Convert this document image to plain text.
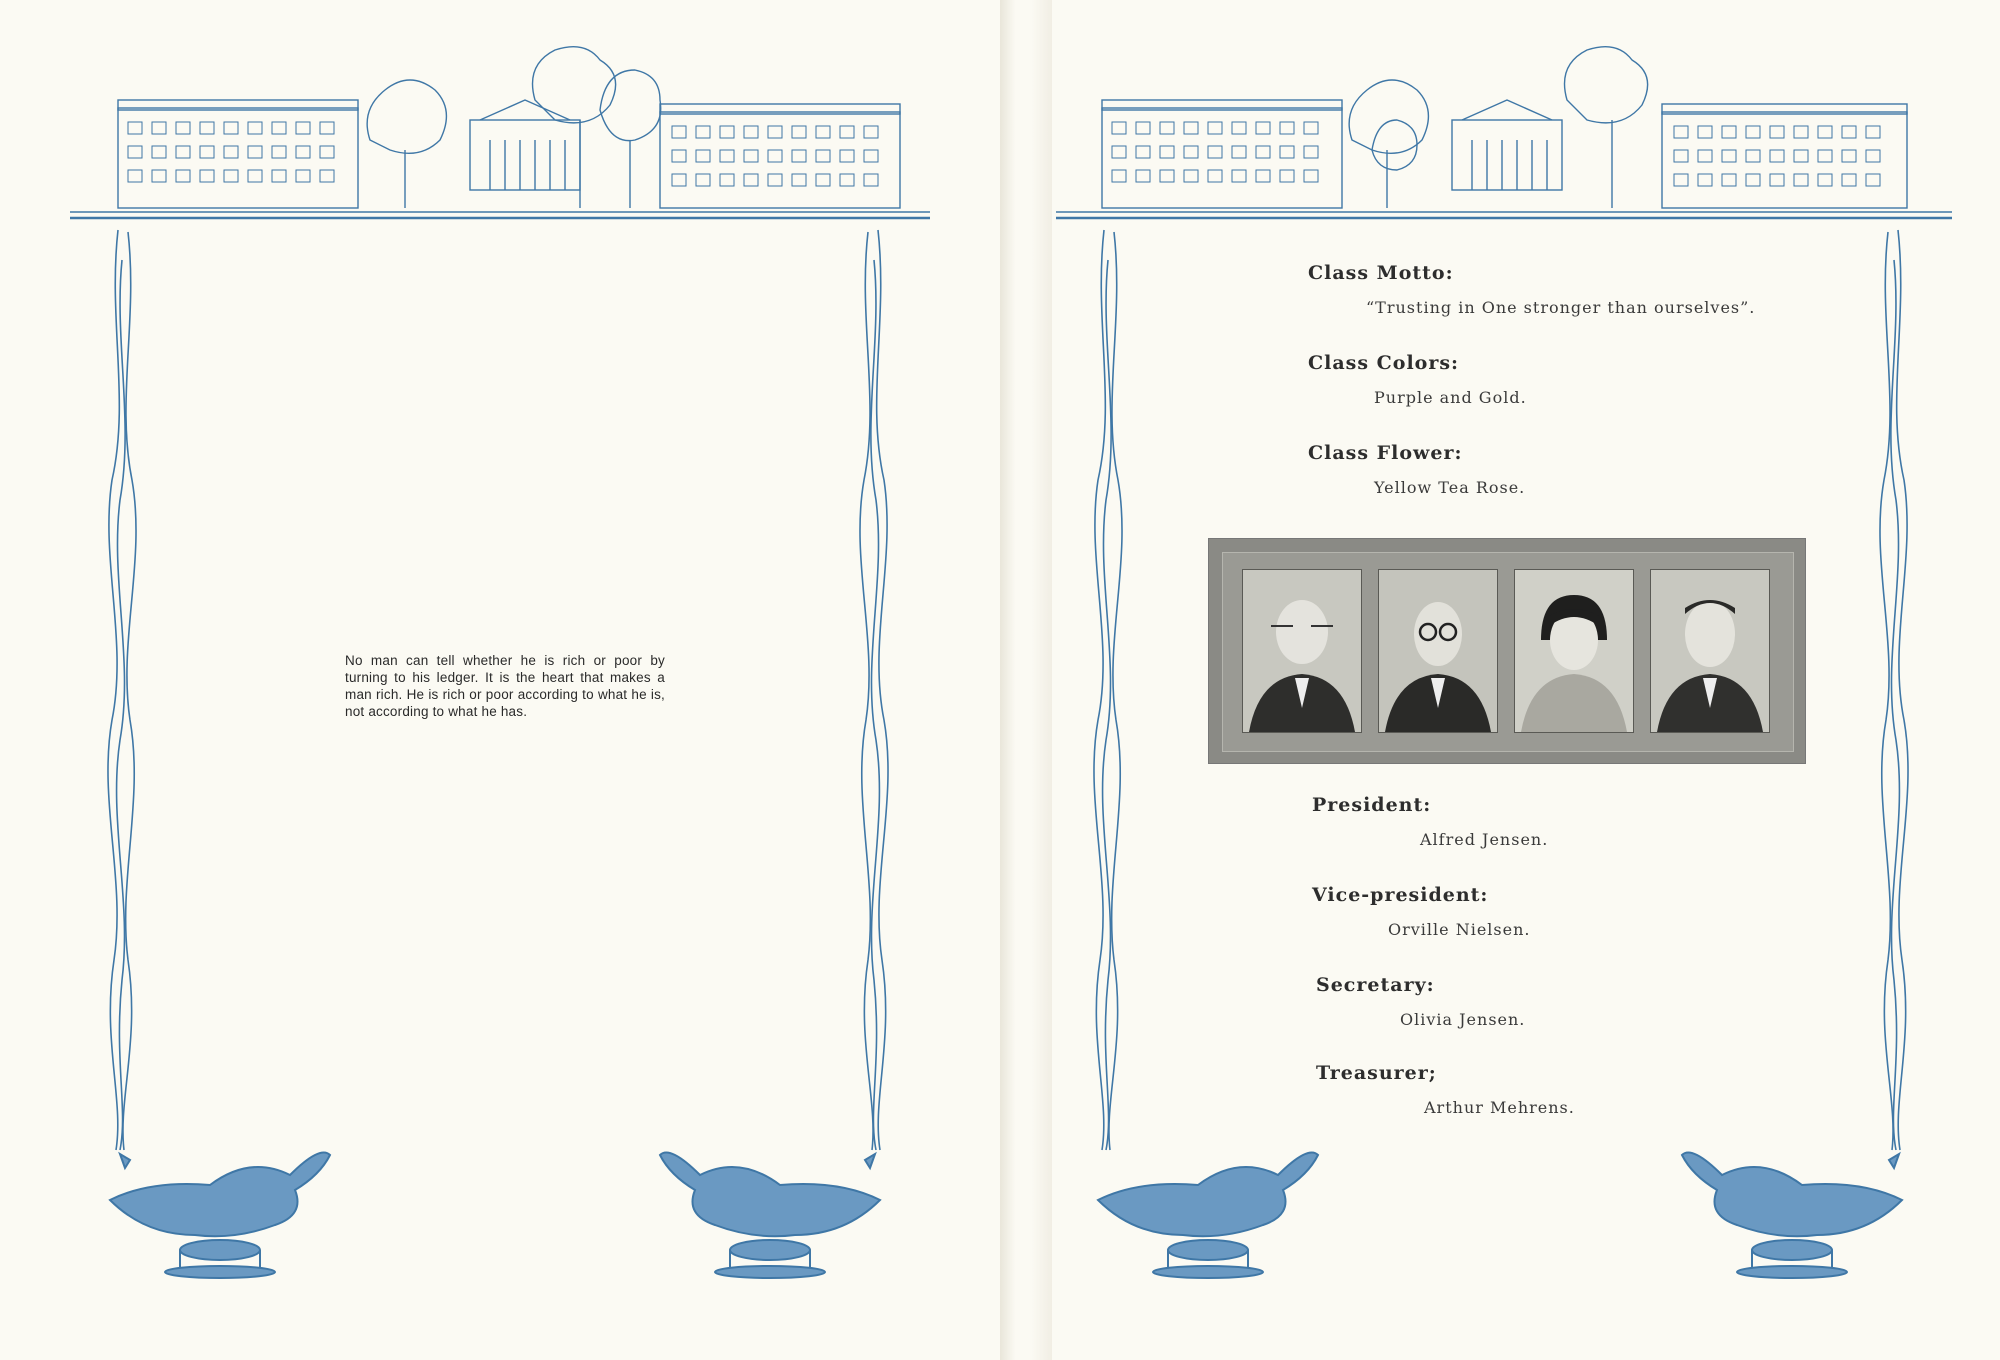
No man can tell whether he is rich or poor by turning to his ledger. It is the heart that makes a man rich. He is rich or poor according to what he is, not according to what he has.
Class Motto:
“Trusting in One stronger than ourselves”.
Class Colors:
Purple and Gold.
Class Flower:
Yellow Tea Rose.
President:
Alfred Jensen.
Vice-president:
Orville Nielsen.
Secretary:
Olivia Jensen.
Treasurer;
Arthur Mehrens.
